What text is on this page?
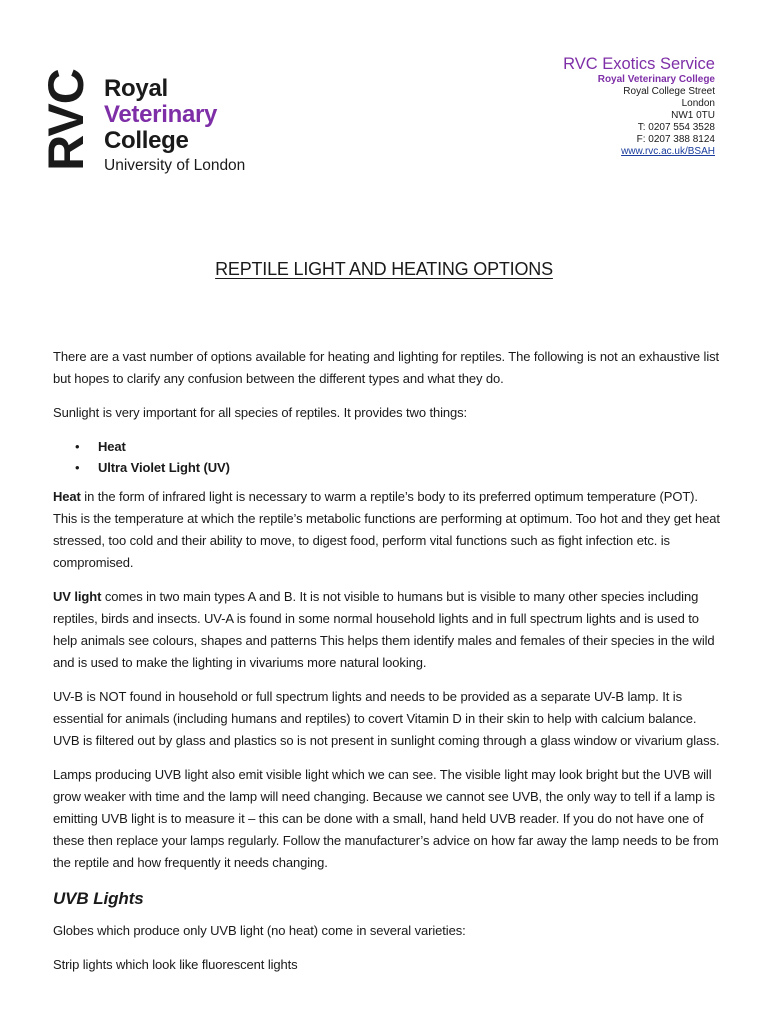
RVC Royal
Veterinary
College
University of London
RVC Exotics Service
Royal Veterinary College
Royal College Street
London
NW1 0TU
T: 0207 554 3528
F: 0207 388 8124
www.rvc.ac.uk/BSAH
REPTILE LIGHT AND HEATING OPTIONS

There are a vast number of options available for heating and lighting for reptiles. The following is not an exhaustive list but hopes to clarify any confusion between the different types and what they do.

Sunlight is very important for all species of reptiles. It provides two things:

• Heat
• Ultra Violet Light (UV)

Heat in the form of infrared light is necessary to warm a reptile’s body to its preferred optimum temperature (POT). This is the temperature at which the reptile’s metabolic functions are performing at optimum. Too hot and they get heat stressed, too cold and their ability to move, to digest food, perform vital functions such as fight infection etc. is compromised.

UV light comes in two main types A and B. It is not visible to humans but is visible to many other species including reptiles, birds and insects. UV-A is found in some normal household lights and in full spectrum lights and is used to help animals see colours, shapes and patterns This helps them identify males and females of their species in the wild and is used to make the lighting in vivariums more natural looking.

UV-B is NOT found in household or full spectrum lights and needs to be provided as a separate UV-B lamp. It is essential for animals (including humans and reptiles) to covert Vitamin D in their skin to help with calcium balance. UVB is filtered out by glass and plastics so is not present in sunlight coming through a glass window or vivarium glass.

Lamps producing UVB light also emit visible light which we can see. The visible light may look bright but the UVB will grow weaker with time and the lamp will need changing. Because we cannot see UVB, the only way to tell if a lamp is emitting UVB light is to measure it – this can be done with a small, hand held UVB reader. If you do not have one of these then replace your lamps regularly. Follow the manufacturer’s advice on how far away the lamp needs to be from the reptile and how frequently it needs changing.

UVB Lights

Globes which produce only UVB light (no heat) come in several varieties:

Strip lights which look like fluorescent lights
